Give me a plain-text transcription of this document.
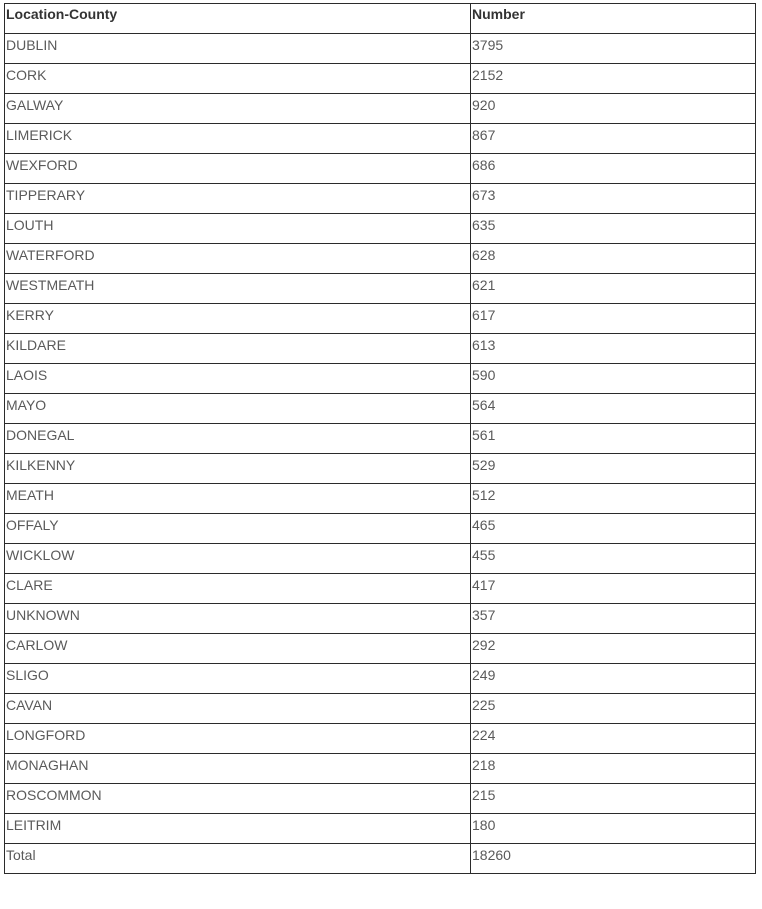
Location-County	Number
DUBLIN	3795
CORK	2152
GALWAY	920
LIMERICK	867
WEXFORD	686
TIPPERARY	673
LOUTH	635
WATERFORD	628
WESTMEATH	621
KERRY	617
KILDARE	613
LAOIS	590
MAYO	564
DONEGAL	561
KILKENNY	529
MEATH	512
OFFALY	465
WICKLOW	455
CLARE	417
UNKNOWN	357
CARLOW	292
SLIGO	249
CAVAN	225
LONGFORD	224
MONAGHAN	218
ROSCOMMON	215
LEITRIM	180
Total	18260
